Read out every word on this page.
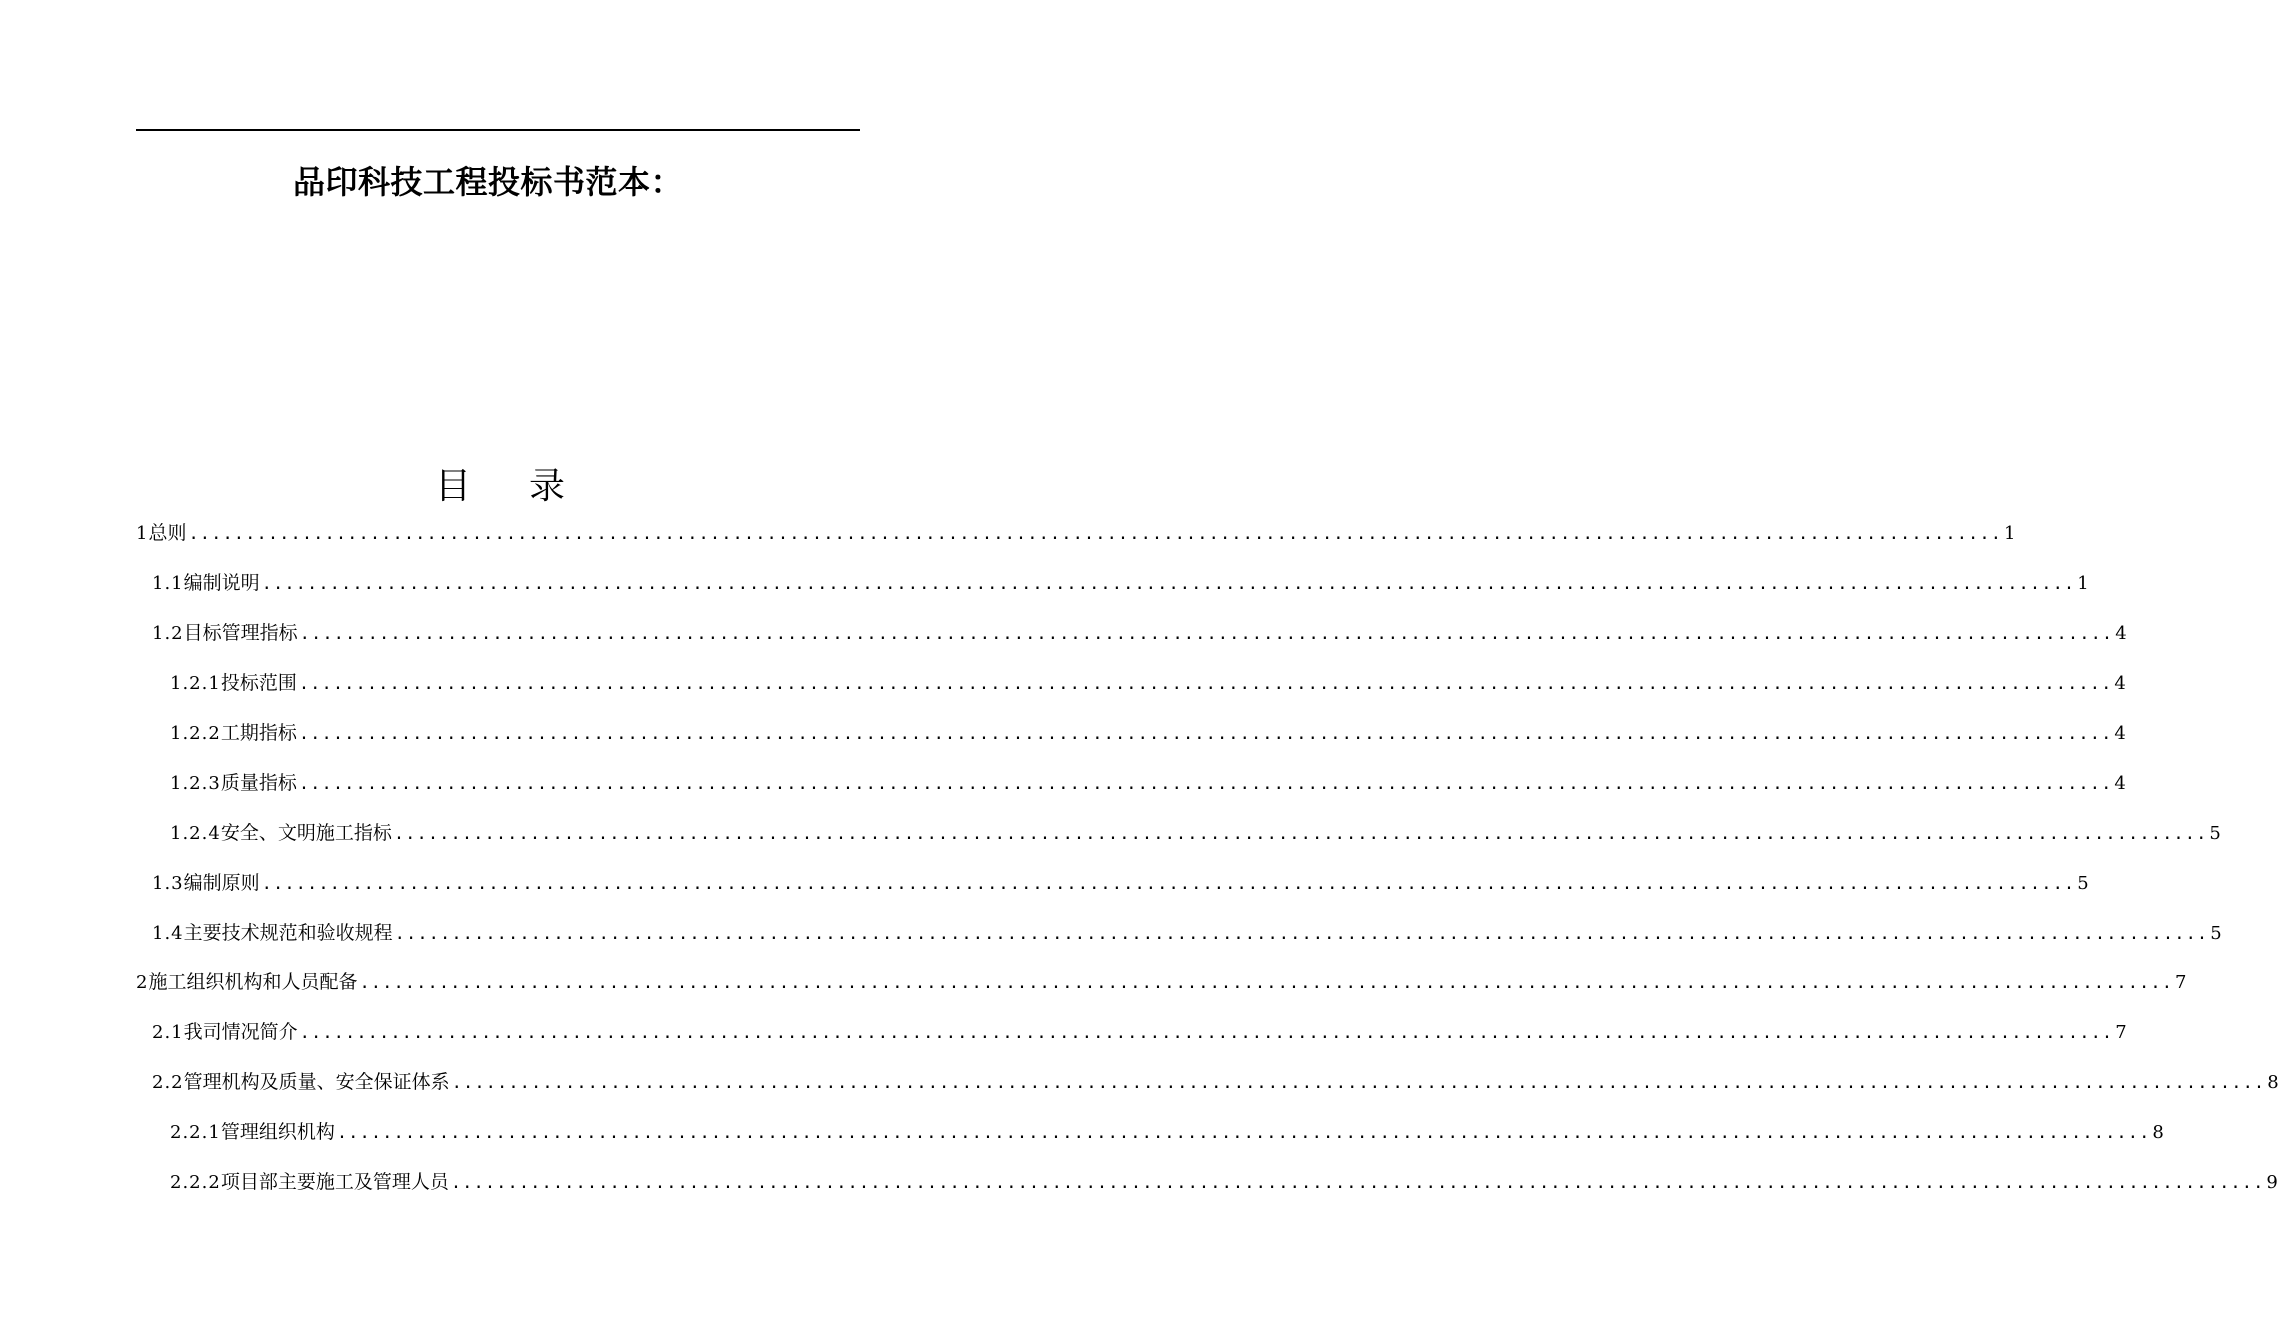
品印科技工程投标书范本：
目 录
1 总则 ................................................................................................................................................................ 1
1.1 编制说明 ................................................................................................................................................................ 1
1.2 目标管理指标 ................................................................................................................................................................ 4
1.2.1 投标范围 ................................................................................................................................................................ 4
1.2.2 工期指标 ................................................................................................................................................................ 4
1.2.3 质量指标 ................................................................................................................................................................ 4
1.2.4 安全、文明施工指标 ................................................................................................................................................................ 5
1.3 编制原则 ................................................................................................................................................................ 5
1.4 主要技术规范和验收规程 ................................................................................................................................................................ 5
2 施工组织机构和人员配备 ................................................................................................................................................................ 7
2.1 我司情况简介 ................................................................................................................................................................ 7
2.2 管理机构及质量、安全保证体系 ................................................................................................................................................................ 8
2.2.1 管理组织机构 ................................................................................................................................................................ 8
2.2.2 项目部主要施工及管理人员 ................................................................................................................................................................ 9
